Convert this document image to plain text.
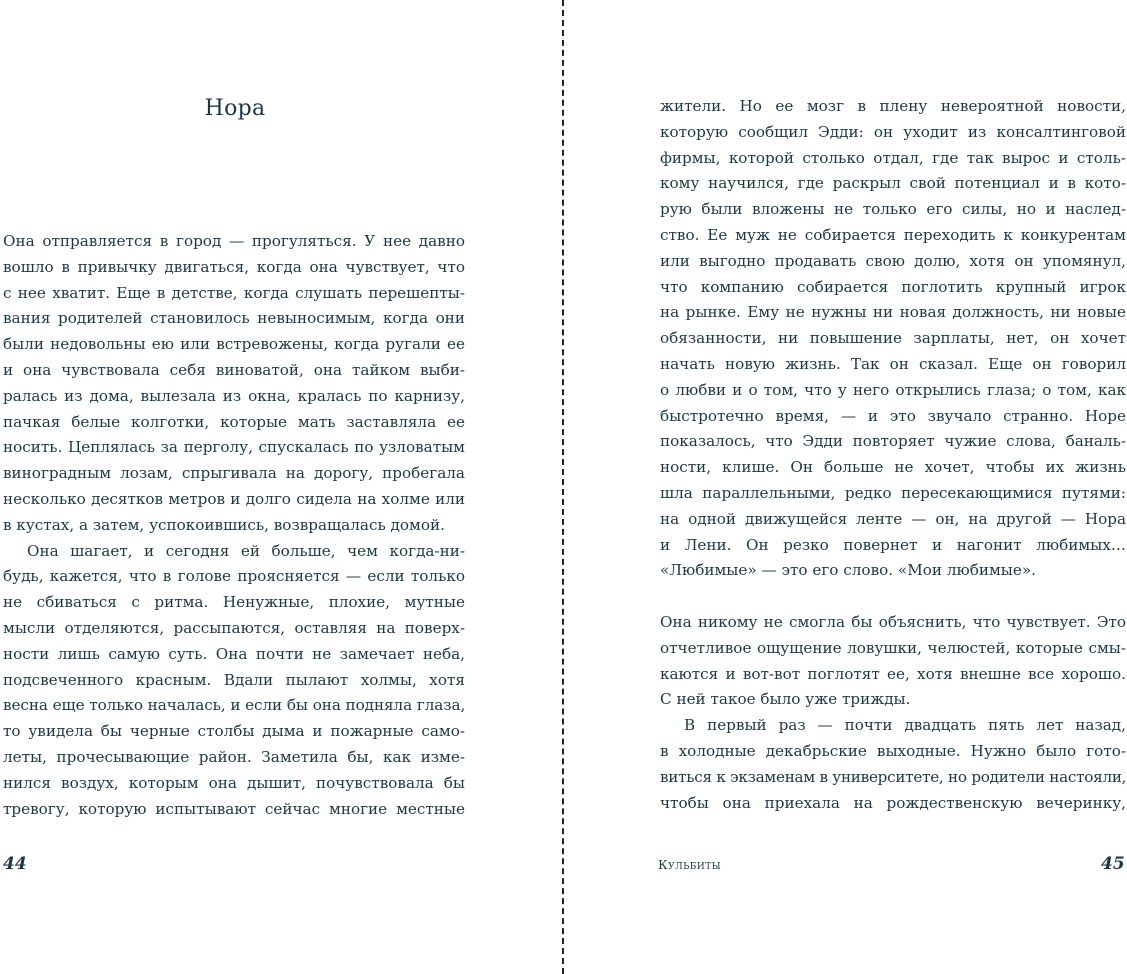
Нора
Она отправляется в город — прогуляться. У нее давно
вошло в привычку двигаться, когда она чувствует, что
с нее хватит. Еще в детстве, когда слушать перешепты-
вания родителей становилось невыносимым, когда они
были недовольны ею или встревожены, когда ругали ее
и она чувствовала себя виноватой, она тайком выби-
ралась из дома, вылезала из окна, кралась по карнизу,
пачкая белые колготки, которые мать заставляла ее
носить. Цеплялась за перголу, спускалась по узловатым
виноградным лозам, спрыгивала на дорогу, пробегала
несколько десятков метров и долго сидела на холме или
в кустах, а затем, успокоившись, возвращалась домой.
Она шагает, и сегодня ей больше, чем когда-ни-
будь, кажется, что в голове проясняется — если только
не сбиваться с ритма. Ненужные, плохие, мутные
мысли отделяются, рассыпаются, оставляя на поверх-
ности лишь самую суть. Она почти не замечает неба,
подсвеченного красным. Вдали пылают холмы, хотя
весна еще только началась, и если бы она подняла глаза,
то увидела бы черные столбы дыма и пожарные само-
леты, прочесывающие район. Заметила бы, как изме-
нился воздух, которым она дышит, почувствовала бы
тревогу, которую испытывают сейчас многие местные
44
жители. Но ее мозг в плену невероятной новости,
которую сообщил Эдди: он уходит из консалтинговой
фирмы, которой столько отдал, где так вырос и столь-
кому научился, где раскрыл свой потенциал и в кото-
рую были вложены не только его силы, но и наслед-
ство. Ее муж не собирается переходить к конкурентам
или выгодно продавать свою долю, хотя он упомянул,
что компанию собирается поглотить крупный игрок
на рынке. Ему не нужны ни новая должность, ни новые
обязанности, ни повышение зарплаты, нет, он хочет
начать новую жизнь. Так он сказал. Еще он говорил
о любви и о том, что у него открылись глаза; о том, как
быстротечно время, — и это звучало странно. Норе
показалось, что Эдди повторяет чужие слова, баналь-
ности, клише. Он больше не хочет, чтобы их жизнь
шла параллельными, редко пересекающимися путями:
на одной движущейся ленте — он, на другой — Нора
и Лени. Он резко повернет и нагонит любимых…
«Любимые» — это его слово. «Мои любимые».
Она никому не смогла бы объяснить, что чувствует. Это
отчетливое ощущение ловушки, челюстей, которые смы-
каются и вот-вот поглотят ее, хотя внешне все хорошо.
С ней такое было уже трижды.
В первый раз — почти двадцать пять лет назад,
в холодные декабрьские выходные. Нужно было гото-
виться к экзаменам в университете, но родители настояли,
чтобы она приехала на рождественскую вечеринку,
Кульбиты	45
